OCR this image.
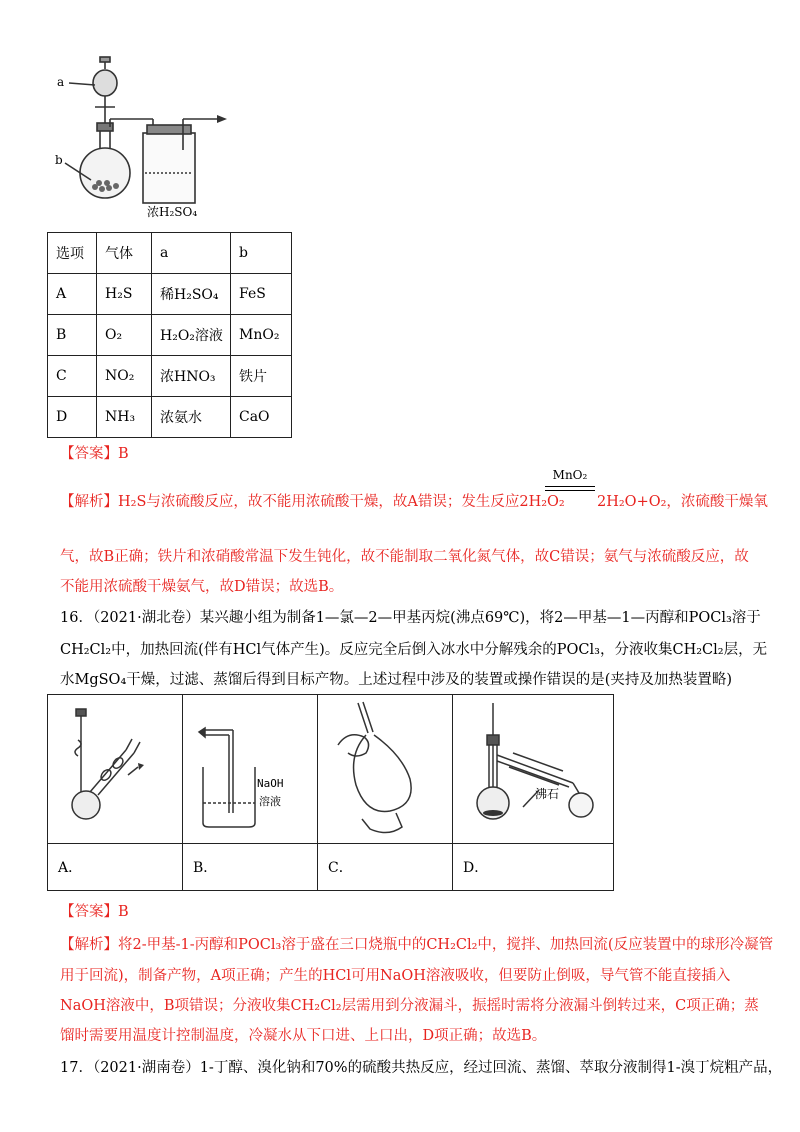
a
b
浓H₂SO₄
选项	气体	a	b
A	H₂S	稀H₂SO₄	FeS
B	O₂	H₂O₂溶液	MnO₂
C	NO₂	浓HNO₃	铁片
D	NH₃	浓氨水	CaO
【答案】B
【解析】H₂S与浓硫酸反应，故不能用浓硫酸干燥，故A错误；发生反应2H₂O₂
MnO₂
2H₂O+O₂，浓硫酸干燥氧
气，故B正确；铁片和浓硝酸常温下发生钝化，故不能制取二氧化氮气体，故C错误；氨气与浓硫酸反应，故
不能用浓硫酸干燥氨气，故D错误；故选B。
16．（2021·湖北卷）某兴趣小组为制备1—氯—2—甲基丙烷(沸点69℃)，将2—甲基—1—丙醇和POCl₃溶于
CH₂Cl₂中，加热回流(伴有HCl气体产生)。反应完全后倒入冰水中分解残余的POCl₃，分液收集CH₂Cl₂层，无
水MgSO₄干燥，过滤、蒸馏后得到目标产物。上述过程中涉及的装置或操作错误的是(夹持及加热装置略)

NaOH
溶液		沸石

A．	B．	C．	D．
【答案】B
【解析】将2-甲基-1-丙醇和POCl₃溶于盛在三口烧瓶中的CH₂Cl₂中，搅拌、加热回流(反应装置中的球形冷凝管
用于回流)，制备产物，A项正确；产生的HCl可用NaOH溶液吸收，但要防止倒吸，导气管不能直接插入
NaOH溶液中，B项错误；分液收集CH₂Cl₂层需用到分液漏斗，振摇时需将分液漏斗倒转过来，C项正确；蒸
馏时需要用温度计控制温度，冷凝水从下口进、上口出，D项正确；故选B。
17．（2021·湖南卷）1-丁醇、溴化钠和70%的硫酸共热反应，经过回流、蒸馏、萃取分液制得1-溴丁烷粗产品，
